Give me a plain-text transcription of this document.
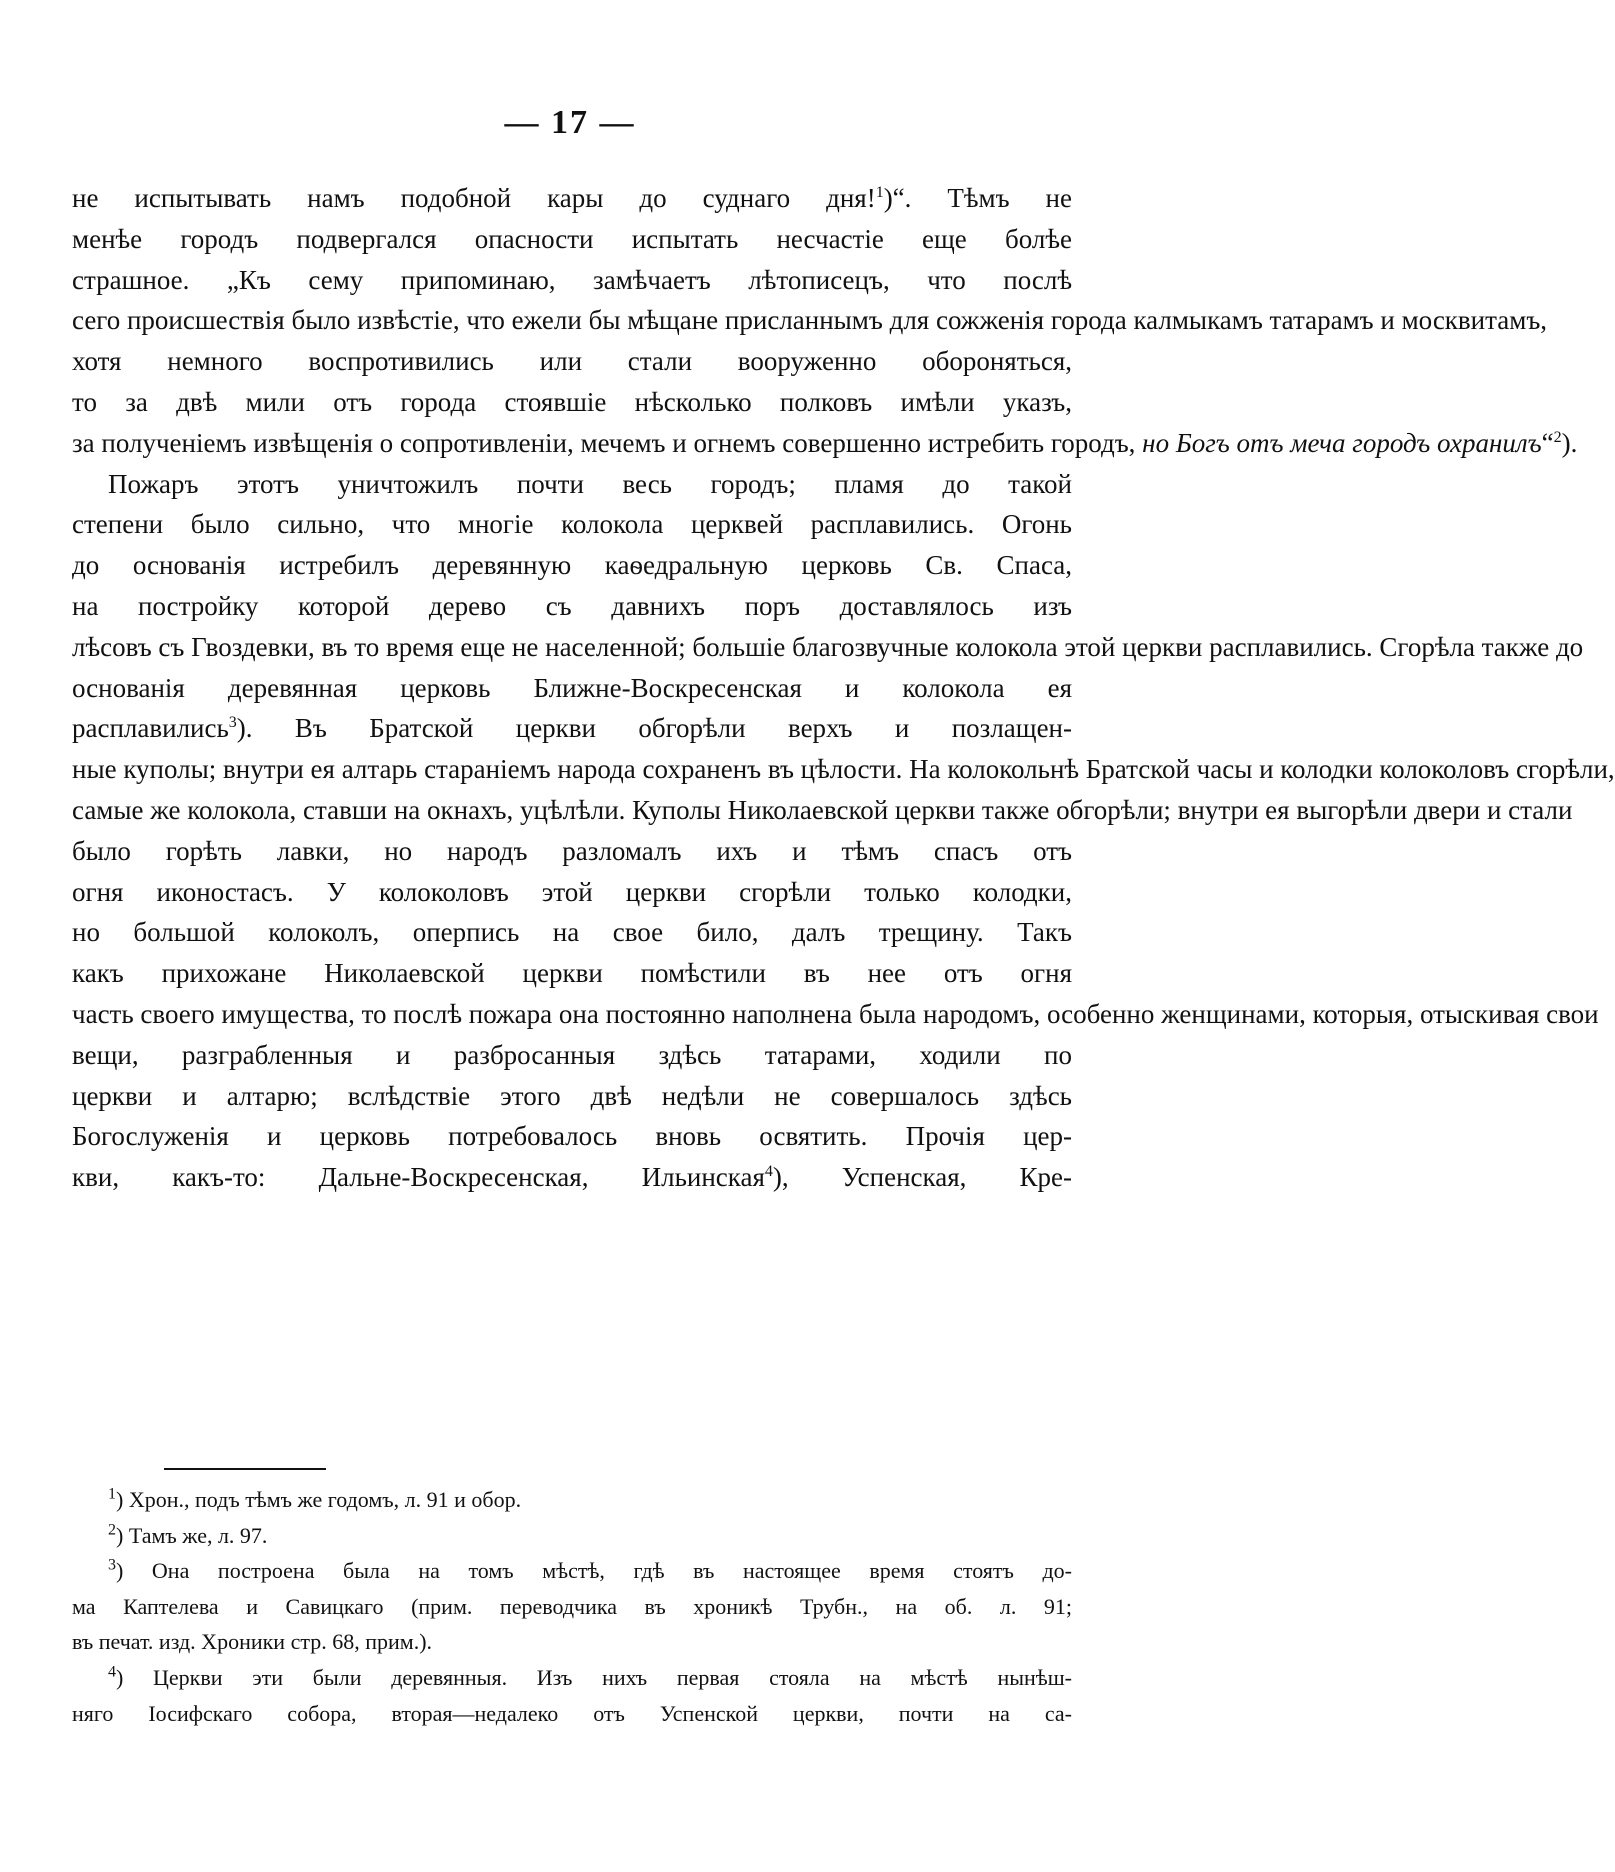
— 17 —
не испытывать намъ подобной кары до суднаго дня!$^1$)“. Тѣмъ не
менѣе городъ подвергался опасности испытать несчастіе еще болѣе
страшное. „Къ сему припоминаю, замѣчаетъ лѣтописецъ, что послѣ
сего происшествія было извѣстіе, что ежели бы мѣщане присланнымъ для сожженія города калмыкамъ татарамъ и москвитамъ,
хотя немного воспротивились или стали вооруженно обороняться,
то за двѣ мили отъ города стоявшіе нѣсколько полковъ имѣли указъ,
за полученіемъ извѣщенія о сопротивленіи, мечемъ и огнемъ совершенно истребить городъ, но Богъ отъ меча городъ охранилъ“$^2$).
Пожаръ этотъ уничтожилъ почти весь городъ; пламя до такой
степени было сильно, что многіе колокола церквей расплавились. Огонь
до основанія истребилъ деревянную каѳедральную церковь Св. Спаса,
на постройку которой дерево съ давнихъ поръ доставлялось изъ
лѣсовъ съ Гвоздевки, въ то время еще не населенной; большіе благозвучные колокола этой церкви расплавились. Сгорѣла также до
основанія деревянная церковь Ближне-Воскресенская и колокола ея
расплавились$^3$). Въ Братской церкви обгорѣли верхъ и позлащен-
ные куполы; внутри ея алтарь стараніемъ народа сохраненъ въ цѣлости. На колокольнѣ Братской часы и колодки колоколовъ сгорѣли,
самые же колокола, ставши на окнахъ, уцѣлѣли. Куполы Николаевской церкви также обгорѣли; внутри ея выгорѣли двери и стали
было горѣть лавки, но народъ разломалъ ихъ и тѣмъ спасъ отъ
огня иконостасъ. У колоколовъ этой церкви сгорѣли только колодки,
но большой колоколъ, оперпись на свое било, далъ трещину. Такъ
какъ прихожане Николаевской церкви помѣстили въ нее отъ огня
часть своего имущества, то послѣ пожара она постоянно наполнена была народомъ, особенно женщинами, которыя, отыскивая свои
вещи, разграбленныя и разбросанныя здѣсь татарами, ходили по
церкви и алтарю; вслѣдствіе этого двѣ недѣли не совершалось здѣсь
Богослуженія и церковь потребовалось вновь освятить. Прочія цер-
кви, какъ-то: Дальне-Воскресенская, Ильинская$^4$), Успенская, Кре-
$^1$) Хрон., подъ тѣмъ же годомъ, л. 91 и обор.
$^2$) Тамъ же, л. 97.
$^3$) Она построена была на томъ мѣстѣ, гдѣ въ настоящее время стоятъ до-
ма Каптелева и Савицкаго (прим. переводчика въ хроникѣ Трубн., на об. л. 91;
въ печат. изд. Хроники стр. 68, прим.).
$^4$) Церкви эти были деревянныя. Изъ нихъ первая стояла на мѣстѣ нынѣш-
няго Іосифскаго собора, вторая—недалеко отъ Успенской церкви, почти на са-
